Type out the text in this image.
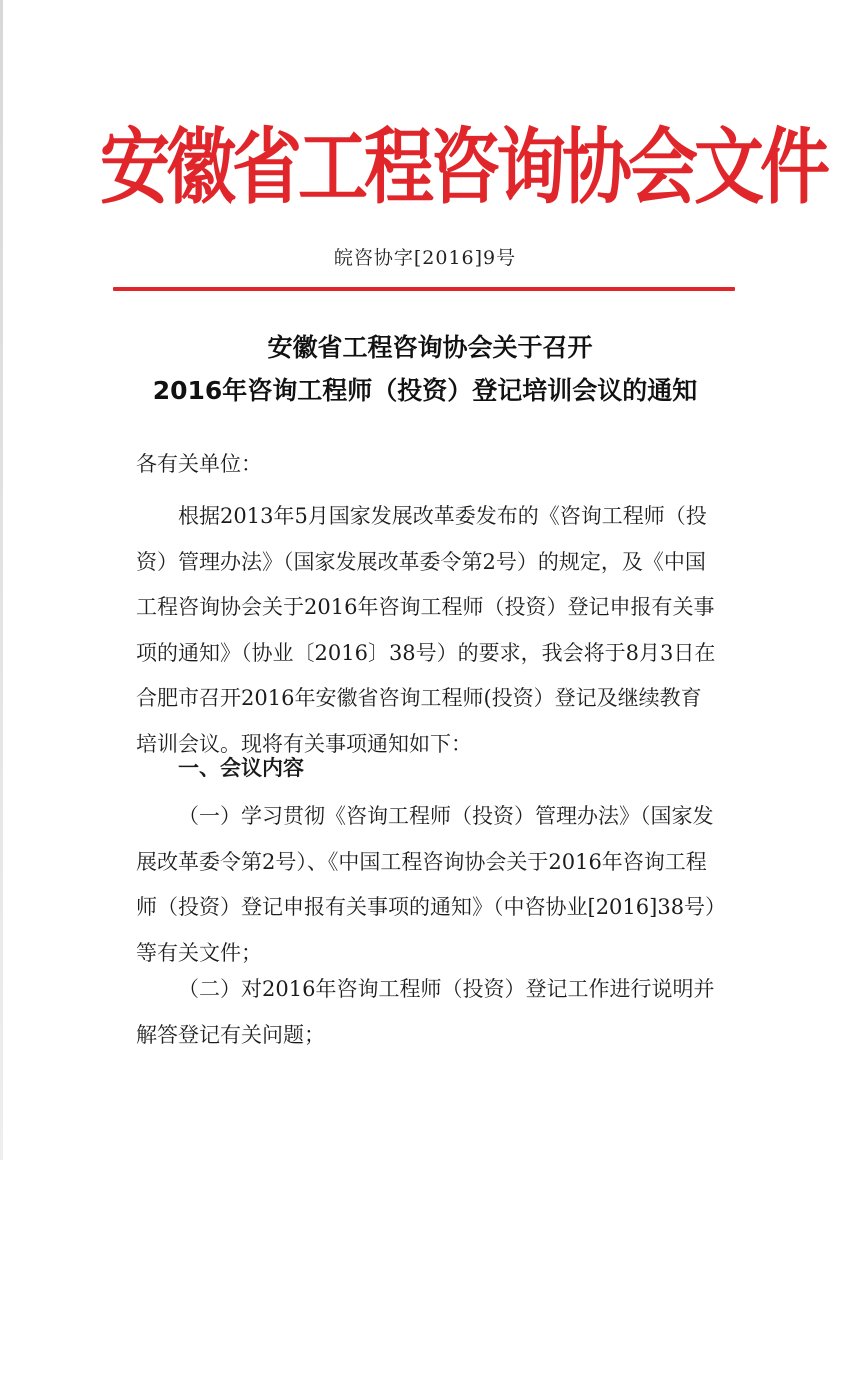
安徽省工程咨询协会文件
皖咨协字[2016]9号
安徽省工程咨询协会关于召开
2016年咨询工程师（投资）登记培训会议的通知
各有关单位：

根据2013年5月国家发展改革委发布的《咨询工程师（投资）管理办法》（国家发展改革委令第2号）的规定，及《中国工程咨询协会关于2016年咨询工程师（投资）登记申报有关事项的通知》（协业〔2016〕38号）的要求，我会将于8月3日在合肥市召开2016年安徽省咨询工程师(投资）登记及继续教育培训会议。现将有关事项通知如下：

一、会议内容

（一）学习贯彻《咨询工程师（投资）管理办法》（国家发展改革委令第2号）、《中国工程咨询协会关于2016年咨询工程师（投资）登记申报有关事项的通知》（中咨协业[2016]38号）等有关文件；

（二）对2016年咨询工程师（投资）登记工作进行说明并解答登记有关问题；
